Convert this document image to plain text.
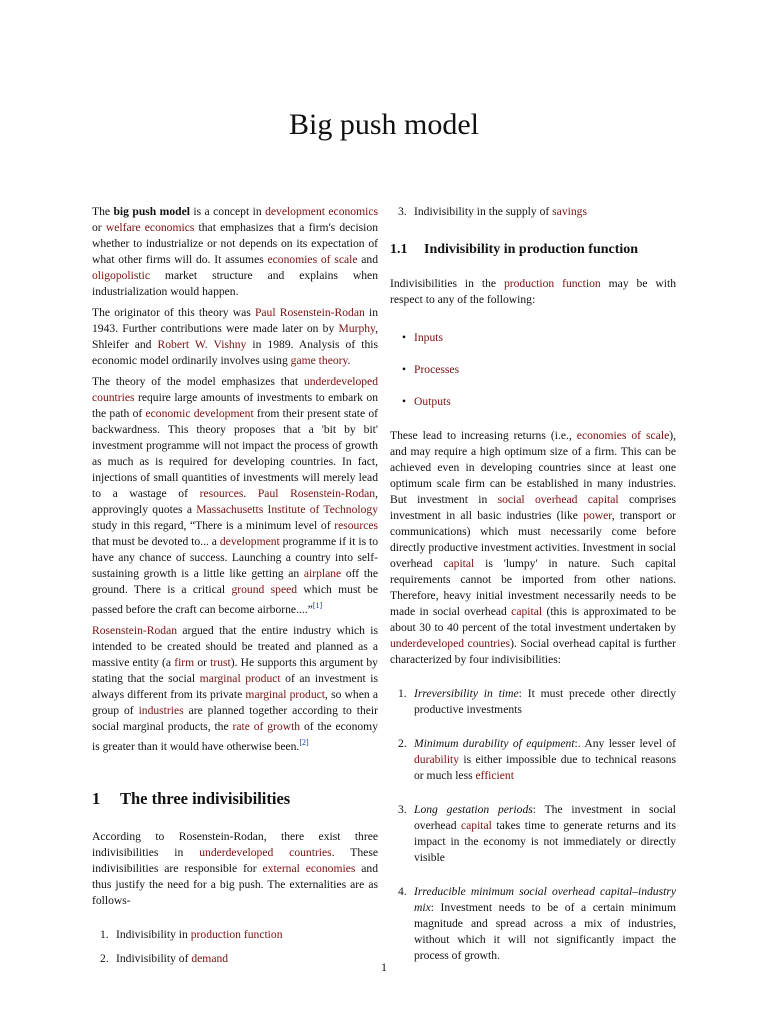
Big push model

The big push model is a concept in development economics or welfare economics that emphasizes that a firm's decision whether to industrialize or not depends on its expectation of what other firms will do. It assumes economies of scale and oligopolistic market structure and explains when industrialization would happen.

The originator of this theory was Paul Rosenstein-Rodan in 1943. Further contributions were made later on by Murphy, Shleifer and Robert W. Vishny in 1989. Analysis of this economic model ordinarily involves using game theory.

The theory of the model emphasizes that underdeveloped countries require large amounts of investments to embark on the path of economic development from their present state of backwardness. This theory proposes that a 'bit by bit' investment programme will not impact the process of growth as much as is required for developing countries. In fact, injections of small quantities of investments will merely lead to a wastage of resources. Paul Rosenstein-Rodan, approvingly quotes a Massachusetts Institute of Technology study in this regard, “There is a minimum level of resources that must be devoted to... a development programme if it is to have any chance of success. Launching a country into self-sustaining growth is a little like getting an airplane off the ground. There is a critical ground speed which must be passed before the craft can become airborne....”[1]

Rosenstein-Rodan argued that the entire industry which is intended to be created should be treated and planned as a massive entity (a firm or trust). He supports this argument by stating that the social marginal product of an investment is always different from its private marginal product, so when a group of industries are planned together according to their social marginal products, the rate of growth of the economy is greater than it would have otherwise been.[2]

1 The three indivisibilities

According to Rosenstein-Rodan, there exist three indivisibilities in underdeveloped countries. These indivisibilities are responsible for external economies and thus justify the need for a big push. The externalities are as follows-

1. Indivisibility in production function
2. Indivisibility of demand
3. Indivisibility in the supply of savings
1.1 Indivisibility in production function

Indivisibilities in the production function may be with respect to any of the following:

• Inputs
• Processes
• Outputs

These lead to increasing returns (i.e., economies of scale), and may require a high optimum size of a firm. This can be achieved even in developing countries since at least one optimum scale firm can be established in many industries. But investment in social overhead capital comprises investment in all basic industries (like power, transport or communications) which must necessarily come before directly productive investment activities. Investment in social overhead capital is 'lumpy' in nature. Such capital requirements cannot be imported from other nations. Therefore, heavy initial investment necessarily needs to be made in social overhead capital (this is approximated to be about 30 to 40 percent of the total investment undertaken by underdeveloped countries). Social overhead capital is further characterized by four indivisibilities:

1. Irreversibility in time: It must precede other directly productive investments
2. Minimum durability of equipment:. Any lesser level of durability is either impossible due to technical reasons or much less efficient
3. Long gestation periods: The investment in social overhead capital takes time to generate returns and its impact in the economy is not immediately or directly visible
4. Irreducible minimum social overhead capital–industry mix: Investment needs to be of a certain minimum magnitude and spread across a mix of industries, without which it will not significantly impact the process of growth.
1
